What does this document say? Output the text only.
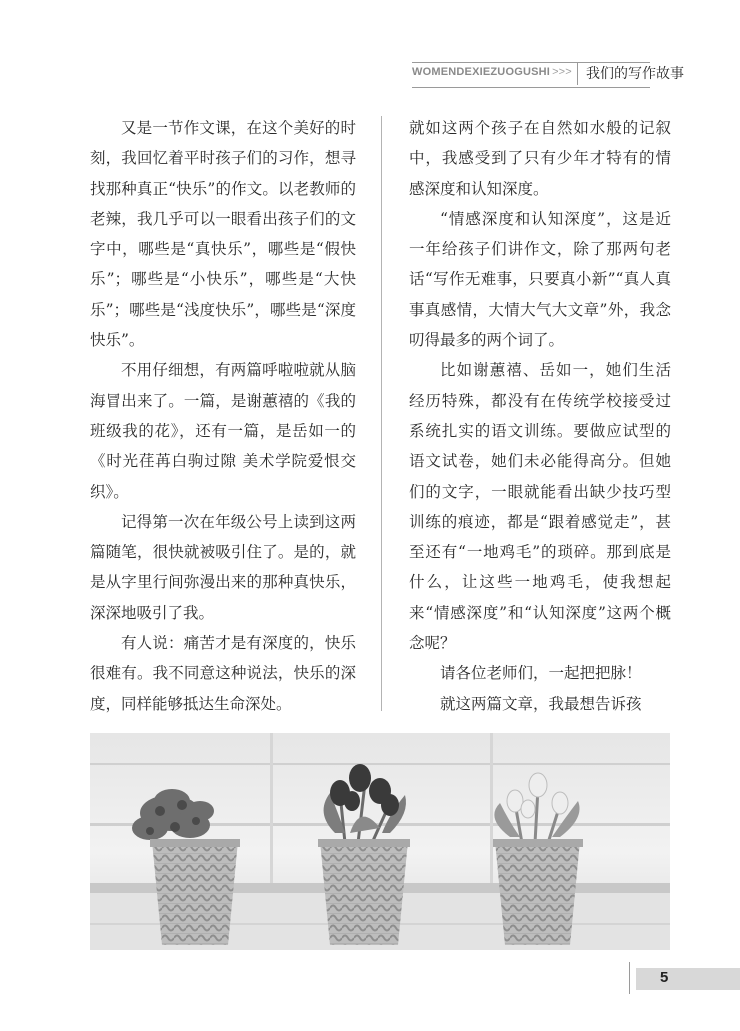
WOMENDEXIEZUOGUSHI >>>	我们的写作故事

又是一节作文课，在这个美好的时刻，我回忆着平时孩子们的习作，想寻找那种真正“快乐”的作文。以老教师的老辣，我几乎可以一眼看出孩子们的文字中，哪些是“真快乐”，哪些是“假快乐”；哪些是“小快乐”，哪些是“大快乐”；哪些是“浅度快乐”，哪些是“深度快乐”。

不用仔细想，有两篇呼啦啦就从脑海冒出来了。一篇，是谢蕙禧的《我的班级我的花》，还有一篇，是岳如一的《时光荏苒白驹过隙 美术学院爱恨交织》。

记得第一次在年级公号上读到这两篇随笔，很快就被吸引住了。是的，就是从字里行间弥漫出来的那种真快乐，深深地吸引了我。

有人说：痛苦才是有深度的，快乐很难有。我不同意这种说法，快乐的深度，同样能够抵达生命深处。

就如这两个孩子在自然如水般的记叙中，我感受到了只有少年才特有的情感深度和认知深度。

“情感深度和认知深度”，这是近一年给孩子们讲作文，除了那两句老话“写作无难事，只要真小新”“真人真事真感情，大情大气大文章”外，我念叨得最多的两个词了。

比如谢蕙禧、岳如一，她们生活经历特殊，都没有在传统学校接受过系统扎实的语文训练。要做应试型的语文试卷，她们未必能得高分。但她们的文字，一眼就能看出缺少技巧型训练的痕迹，都是“跟着感觉走”，甚至还有“一地鸡毛”的琐碎。那到底是什么，让这些一地鸡毛，使我想起来“情感深度”和“认知深度”这两个概念呢？

请各位老师们，一起把把脉！

就这两篇文章，我最想告诉孩

5
